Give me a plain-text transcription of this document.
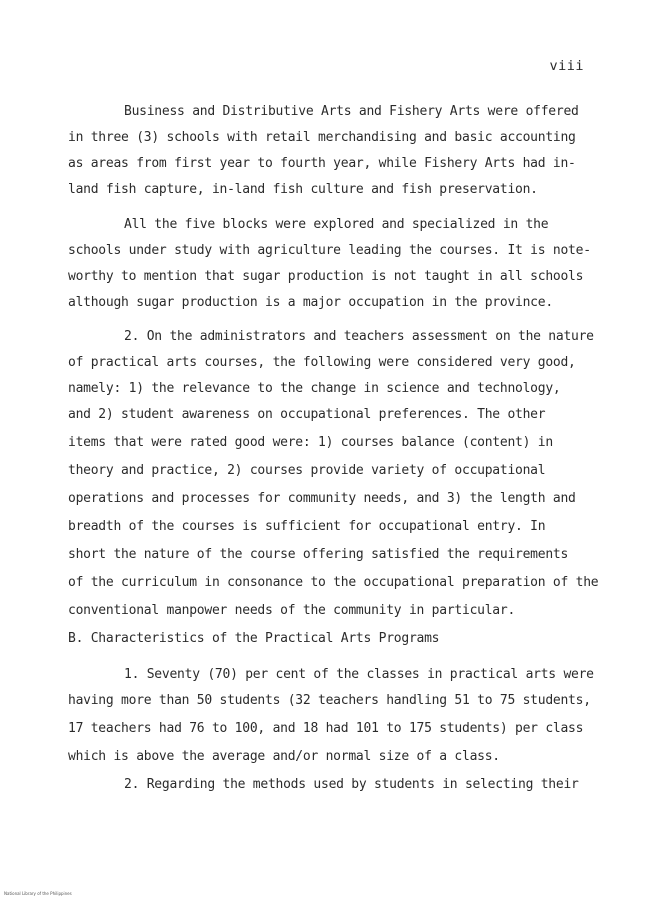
viii
Business and Distributive Arts and Fishery Arts were offered
in three (3) schools with retail merchandising and basic accounting
as areas from first year to fourth year, while Fishery Arts had in-
land fish capture, in-land fish culture and fish preservation.
All the five blocks were explored and specialized in the
schools under study with agriculture leading the courses. It is note-
worthy to mention that sugar production is not taught in all schools
although sugar production is a major occupation in the province.
2. On the administrators and teachers assessment on the nature
of practical arts courses, the following were considered very good,
namely: 1) the relevance to the change in science and technology,
and 2) student awareness on occupational preferences. The other
items that were rated good were: 1) courses balance (content) in
theory and practice, 2) courses provide variety of occupational
operations and processes for community needs, and 3) the length and
breadth of the courses is sufficient for occupational entry. In
short the nature of the course offering satisfied the requirements
of the curriculum in consonance to the occupational preparation of the
conventional manpower needs of the community in particular.
B. Characteristics of the Practical Arts Programs
1. Seventy (70) per cent of the classes in practical arts were
having more than 50 students (32 teachers handling 51 to 75 students,
17 teachers had 76 to 100, and 18 had 101 to 175 students) per class
which is above the average and/or normal size of a class.
2. Regarding the methods used by students in selecting their
National Library of the Philippines
